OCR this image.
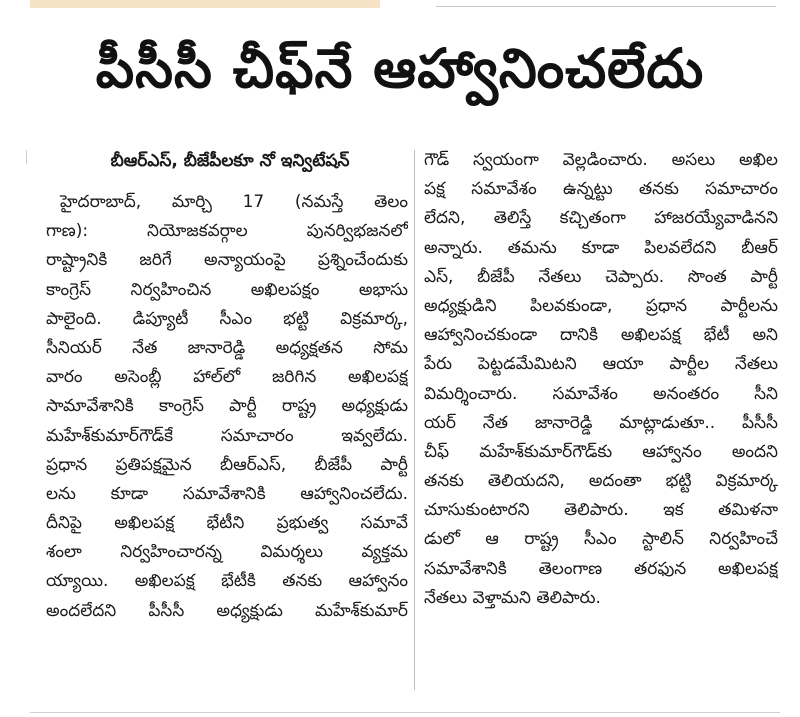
పీసీసీ చీఫ్‌నే ఆహ్వానించలేదు
బీఆర్‌ఎస్, బీజేపీలకూ నో ఇన్విటేషన్
హైదరాబాద్, మార్చి 17 (నమస్తే తెలం
గాణ): నియోజకవర్గాల పునర్విభజనలో
రాష్ట్రానికి జరిగే అన్యాయంపై ప్రశ్నించేందుకు
కాంగ్రెస్ నిర్వహించిన అఖిలపక్షం అభాసు
పాలైంది. డిప్యూటీ సీఎం భట్టి విక్రమార్క,
సీనియర్ నేత జానారెడ్డి అధ్యక్షతన సోమ
వారం అసెంబ్లీ హాల్‌లో జరిగిన అఖిలపక్ష
సామావేశానికి కాంగ్రెస్ పార్టీ రాష్ట్ర అధ్యక్షుడు
మహేశ్‌కుమార్‌గౌడ్‌కే సమాచారం ఇవ్వలేదు.
ప్రధాన ప్రతిపక్షమైన బీఆర్‌ఎస్, బీజేపీ పార్టీ
లను కూడా సమావేశానికి ఆహ్వానించలేదు.
దీనిపై అఖిలపక్ష భేటీని ప్రభుత్వ సమావే
శంలా నిర్వహించారన్న విమర్శలు వ్యక్తమ
య్యాయి. అఖిలపక్ష భేటీకి తనకు ఆహ్వానం
అందలేదని పీసీసీ అధ్యక్షుడు మహేశ్‌కుమార్
గౌడ్ స్వయంగా వెల్లడించారు. అసలు అఖిల
పక్ష సమావేశం ఉన్నట్టు తనకు సమాచారం
లేదని, తెలిస్తే కచ్చితంగా హాజరయ్యేవాడినని
అన్నారు. తమను కూడా పిలవలేదని బీఆర్
ఎస్, బీజేపీ నేతలు చెప్పారు. సొంత పార్టీ
అధ్యక్షుడిని పిలవకుండా, ప్రధాన పార్టీలను
ఆహ్వానించకుండా దానికి అఖిలపక్ష భేటీ అని
పేరు పెట్టడమేమిటని ఆయా పార్టీల నేతలు
విమర్శించారు. సమావేశం అనంతరం సీని
యర్ నేత జానారెడ్డి మాట్లాడుతూ.. పీసీసీ
చీఫ్ మహేశ్‌కుమార్‌గౌడ్‌కు ఆహ్వానం అందని
తనకు తెలియదని, అదంతా భట్టి విక్రమార్క
చూసుకుంటారని తెలిపారు. ఇక తమిళనా
డులో ఆ రాష్ట్ర సీఎం స్టాలిన్ నిర్వహించే
సమావేశానికి తెలంగాణ తరఫున అఖిలపక్ష
నేతలు వెళ్తామని తెలిపారు.
